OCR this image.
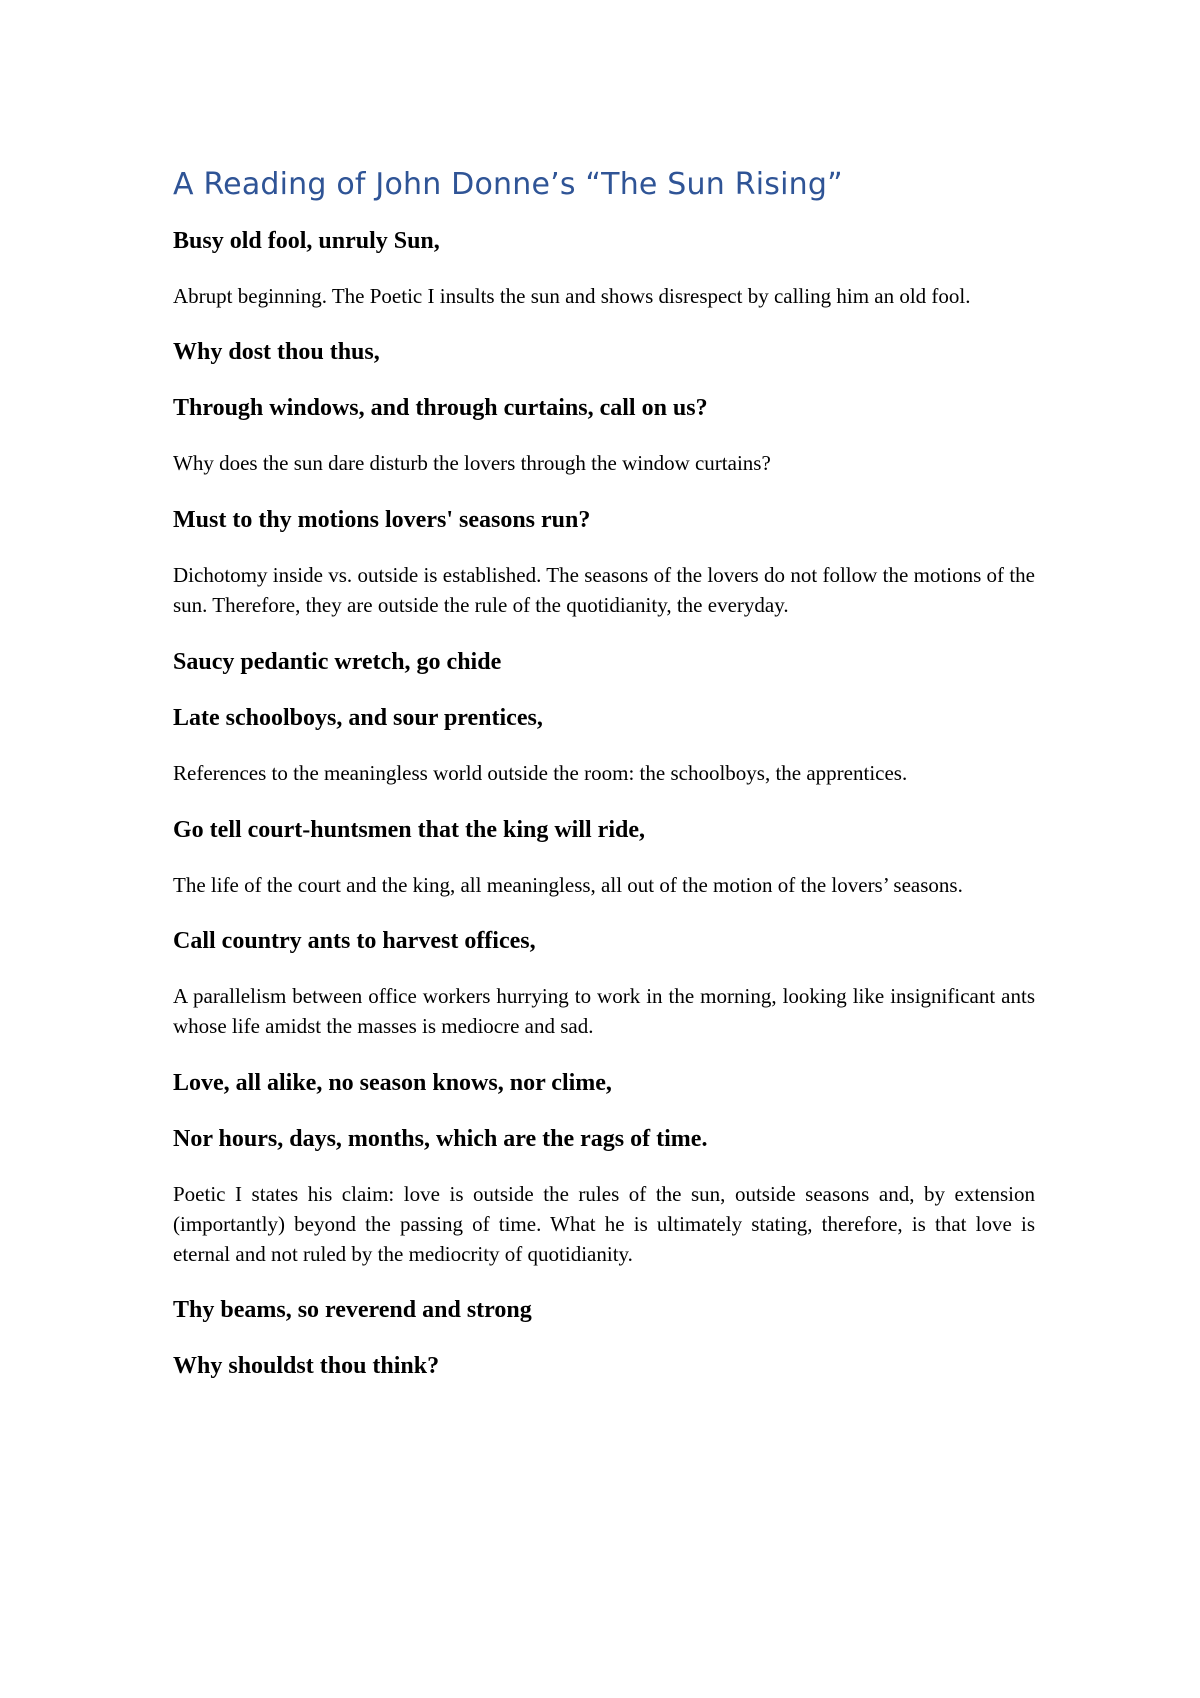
A Reading of John Donne’s “The Sun Rising”

Busy old fool, unruly Sun,

Abrupt beginning. The Poetic I insults the sun and shows disrespect by calling him an old fool.

Why dost thou thus,

Through windows, and through curtains, call on us?

Why does the sun dare disturb the lovers through the window curtains?

Must to thy motions lovers' seasons run?

Dichotomy inside vs. outside is established. The seasons of the lovers do not follow the motions of the sun. Therefore, they are outside the rule of the quotidianity, the everyday.

Saucy pedantic wretch, go chide

Late schoolboys, and sour prentices,

References to the meaningless world outside the room: the schoolboys, the apprentices.

Go tell court-huntsmen that the king will ride,

The life of the court and the king, all meaningless, all out of the motion of the lovers’ seasons.

Call country ants to harvest offices,

A parallelism between office workers hurrying to work in the morning, looking like insignificant ants whose life amidst the masses is mediocre and sad.

Love, all alike, no season knows, nor clime,

Nor hours, days, months, which are the rags of time.

Poetic I states his claim: love is outside the rules of the sun, outside seasons and, by extension (importantly) beyond the passing of time. What he is ultimately stating, therefore, is that love is eternal and not ruled by the mediocrity of quotidianity.

Thy beams, so reverend and strong

Why shouldst thou think?
